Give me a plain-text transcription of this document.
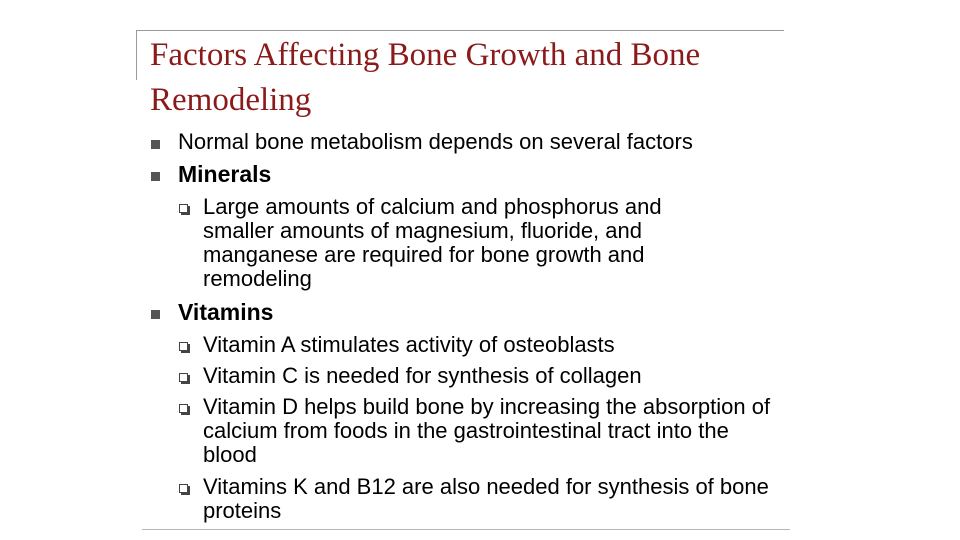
Factors Affecting Bone Growth and Bone Remodeling
Normal bone metabolism depends on several factors
Minerals
Large amounts of calcium and phosphorus and smaller amounts of magnesium, fluoride, and manganese are required for bone growth and remodeling
Vitamins
Vitamin A stimulates activity of osteoblasts
Vitamin C is needed for synthesis of collagen
Vitamin D helps build bone by increasing the absorption of calcium from foods in the gastrointestinal tract into the blood
Vitamins K and B12 are also needed for synthesis of bone proteins
